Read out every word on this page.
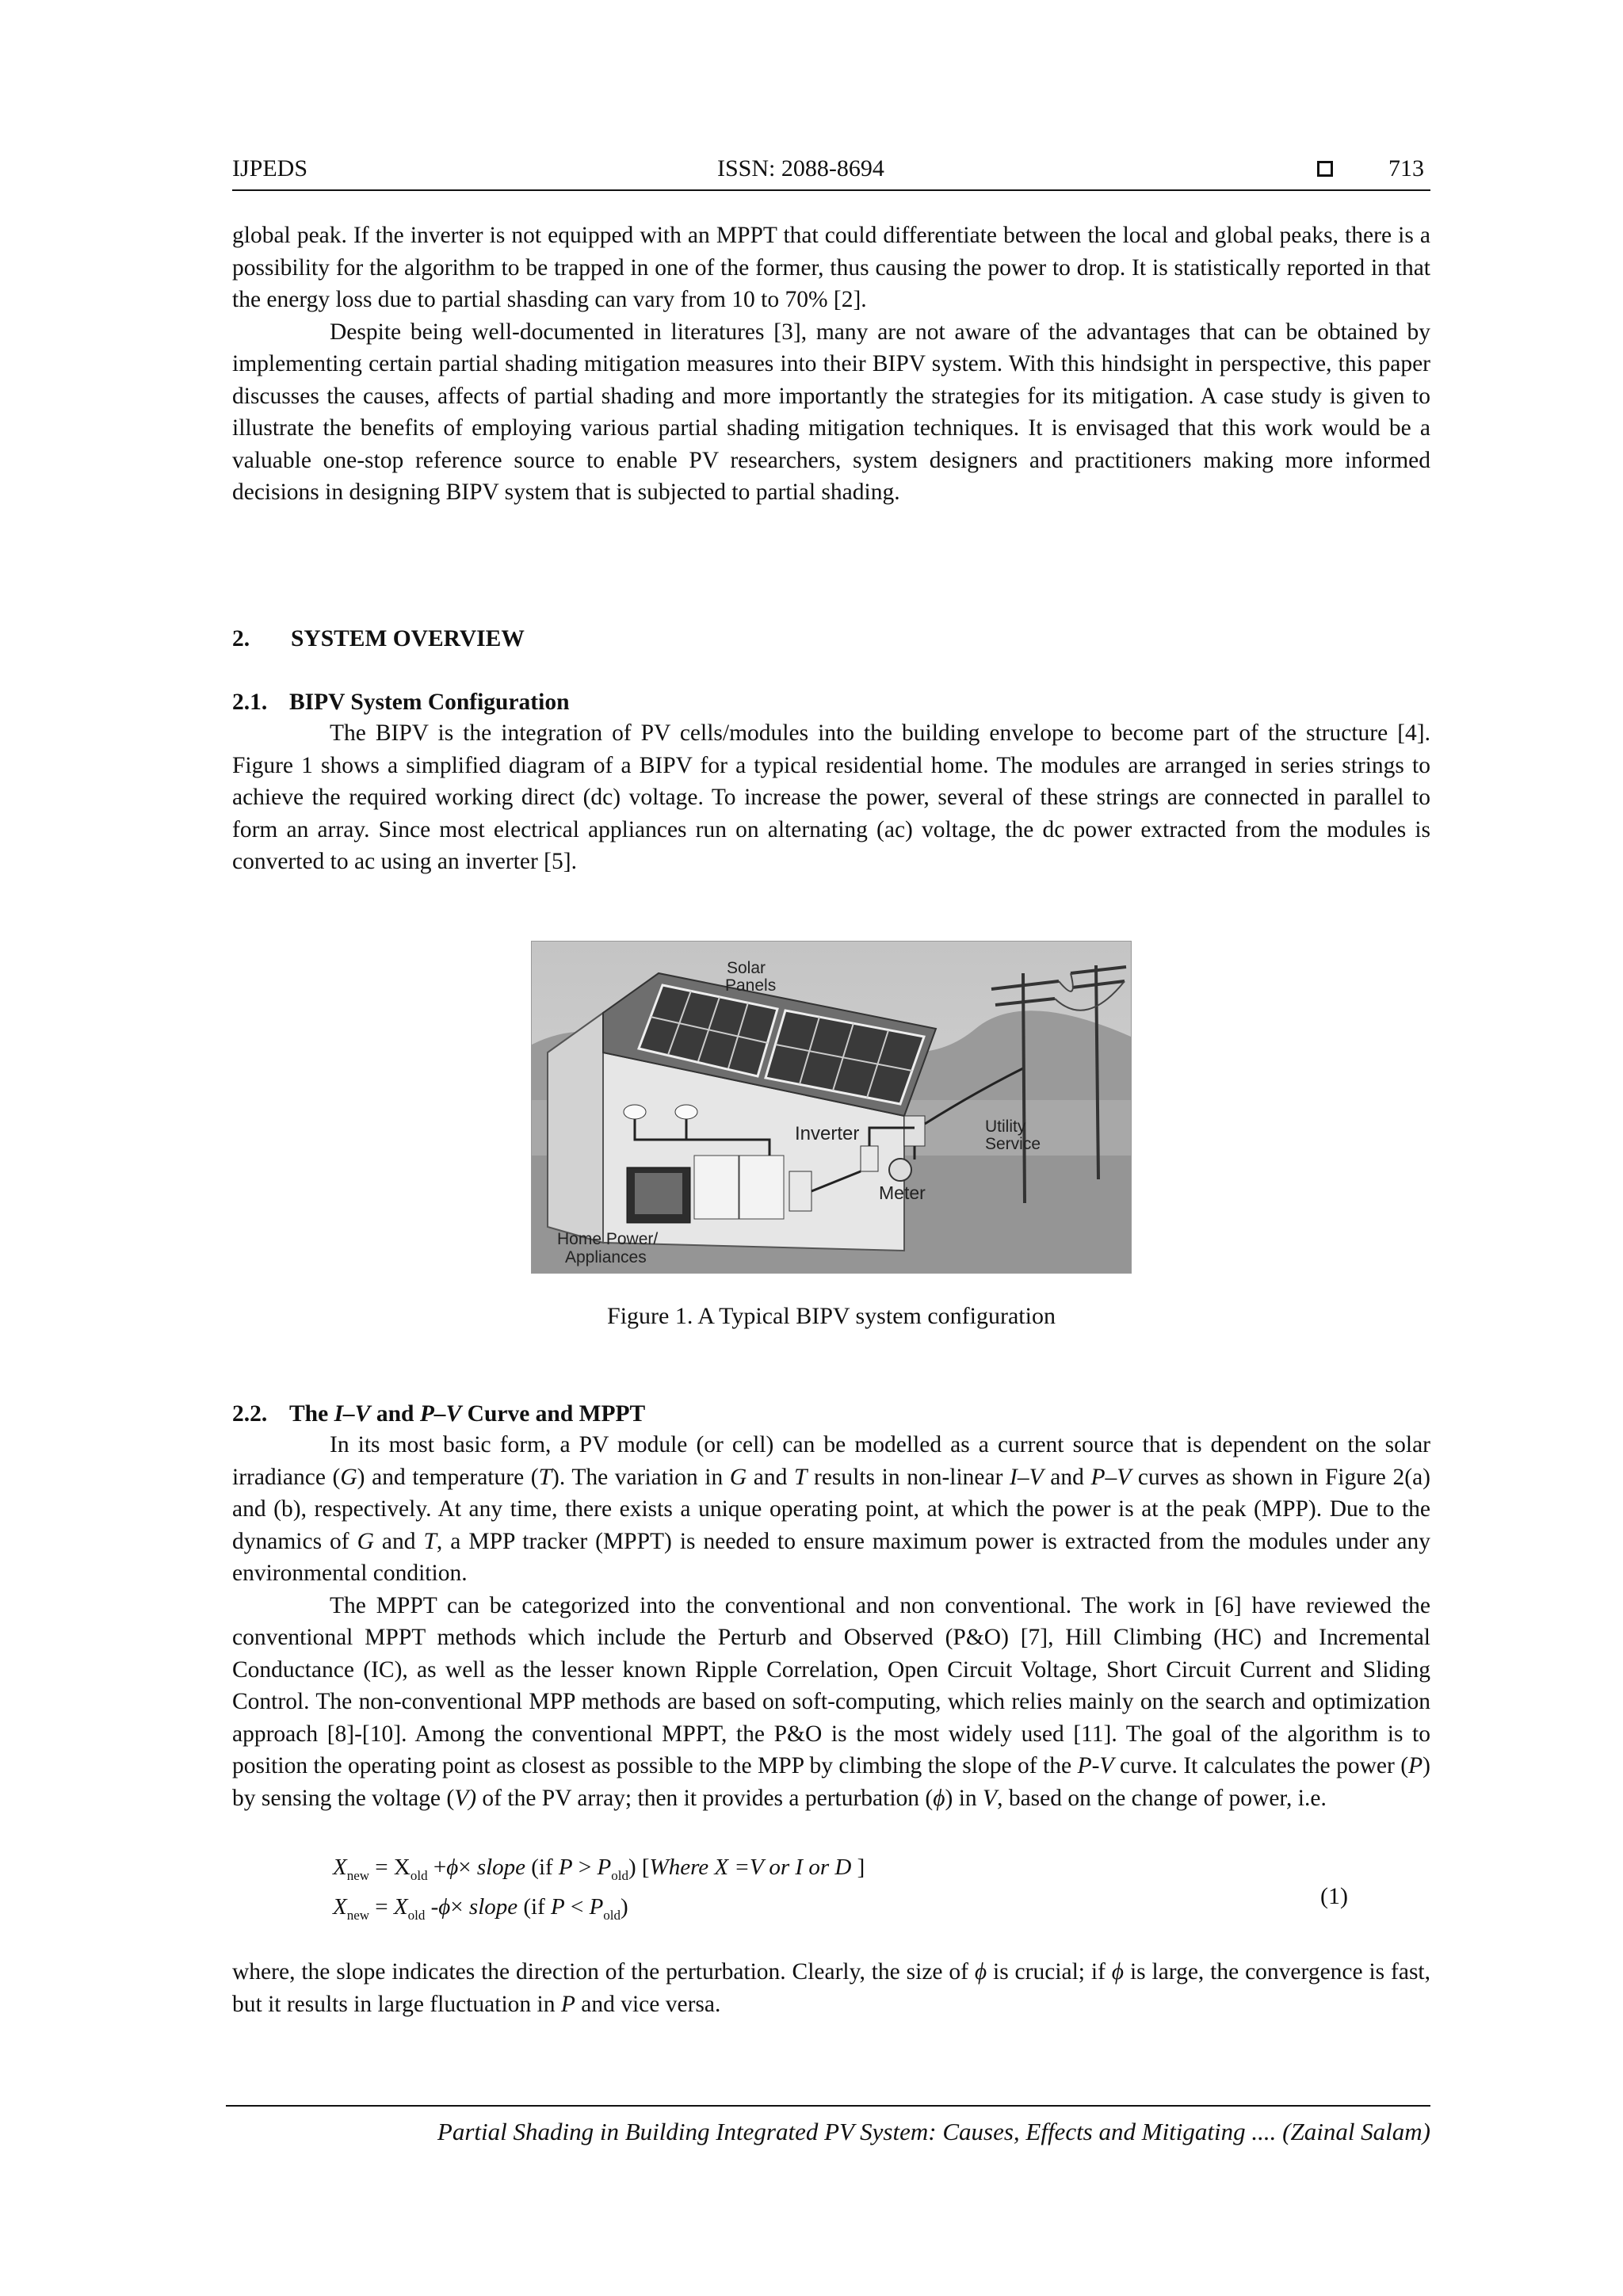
IJPEDS	ISSN: 2088-8694	713

global peak. If the inverter is not equipped with an MPPT that could differentiate between the local and global peaks, there is a possibility for the algorithm to be trapped in one of the former, thus causing the power to drop. It is statistically reported in that the energy loss due to partial shasding can vary from 10 to 70% [2].

Despite being well-documented in literatures [3], many are not aware of the advantages that can be obtained by implementing certain partial shading mitigation measures into their BIPV system. With this hindsight in perspective, this paper discusses the causes, affects of partial shading and more importantly the strategies for its mitigation. A case study is given to illustrate the benefits of employing various partial shading mitigation techniques. It is envisaged that this work would be a valuable one-stop reference source to enable PV researchers, system designers and practitioners making more informed decisions in designing BIPV system that is subjected to partial shading.

2. SYSTEM OVERVIEW
2.1. BIPV System Configuration

The BIPV is the integration of PV cells/modules into the building envelope to become part of the structure [4]. Figure 1 shows a simplified diagram of a BIPV for a typical residential home. The modules are arranged in series strings to achieve the required working direct (dc) voltage. To increase the power, several of these strings are connected in parallel to form an array. Since most electrical appliances run on alternating (ac) voltage, the dc power extracted from the modules is converted to ac using an inverter [5].

Solar
Panels
Inverter	Utility
Service
Meter
Home Power/
Appliances
Figure 1. A Typical BIPV system configuration
2.2. The I–V and P–V Curve and MPPT

In its most basic form, a PV module (or cell) can be modelled as a current source that is dependent on the solar irradiance (G) and temperature (T). The variation in G and T results in non-linear I–V and P–V curves as shown in Figure 2(a) and (b), respectively. At any time, there exists a unique operating point, at which the power is at the peak (MPP). Due to the dynamics of G and T, a MPP tracker (MPPT) is needed to ensure maximum power is extracted from the modules under any environmental condition.

The MPPT can be categorized into the conventional and non conventional. The work in [6] have reviewed the conventional MPPT methods which include the Perturb and Observed (P&O) [7], Hill Climbing (HC) and Incremental Conductance (IC), as well as the lesser known Ripple Correlation, Open Circuit Voltage, Short Circuit Current and Sliding Control. The non-conventional MPP methods are based on soft-computing, which relies mainly on the search and optimization approach [8]-[10]. Among the conventional MPPT, the P&O is the most widely used [11]. The goal of the algorithm is to position the operating point as closest as possible to the MPP by climbing the slope of the P-V curve. It calculates the power (P) by sensing the voltage (V) of the PV array; then it provides a perturbation (ϕ) in V, based on the change of power, i.e.

$X_{new} = X_{old} +\phi\times$ slope (if $P > P_{old}$) [Where X =V or I or D ]
$X_{new} = X_{old}$ -ϕ× slope (if $P < P_{old}$)	(1)

where, the slope indicates the direction of the perturbation. Clearly, the size of ϕ is crucial; if ϕ is large, the convergence is fast, but it results in large fluctuation in P and vice versa.

Partial Shading in Building Integrated PV System: Causes, Effects and Mitigating .... (Zainal Salam)
